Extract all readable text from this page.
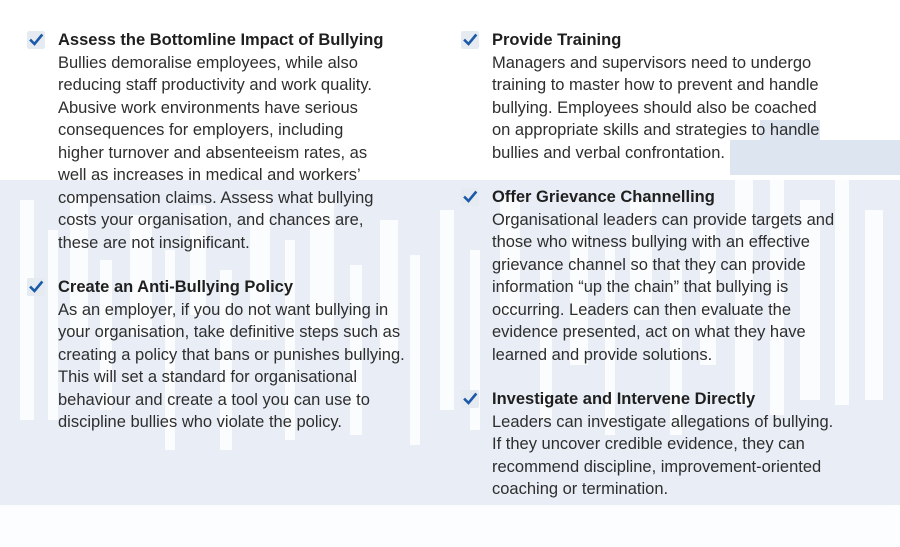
Assess the Bottomline Impact of Bullying
Bullies demoralise employees, while also
reducing staff productivity and work quality.
Abusive work environments have serious
consequences for employers, including
higher turnover and absenteeism rates, as
well as increases in medical and workers’
compensation claims. Assess what bullying
costs your organisation, and chances are,
these are not insignificant.
Create an Anti-Bullying Policy
As an employer, if you do not want bullying in
your organisation, take definitive steps such as
creating a policy that bans or punishes bullying.
This will set a standard for organisational
behaviour and create a tool you can use to
discipline bullies who violate the policy.
Provide Training
Managers and supervisors need to undergo
training to master how to prevent and handle
bullying. Employees should also be coached
on appropriate skills and strategies to handle
bullies and verbal confrontation.
Offer Grievance Channelling
Organisational leaders can provide targets and
those who witness bullying with an effective
grievance channel so that they can provide
information “up the chain” that bullying is
occurring. Leaders can then evaluate the
evidence presented, act on what they have
learned and provide solutions.
Investigate and Intervene Directly
Leaders can investigate allegations of bullying.
If they uncover credible evidence, they can
recommend discipline, improvement-oriented
coaching or termination.
